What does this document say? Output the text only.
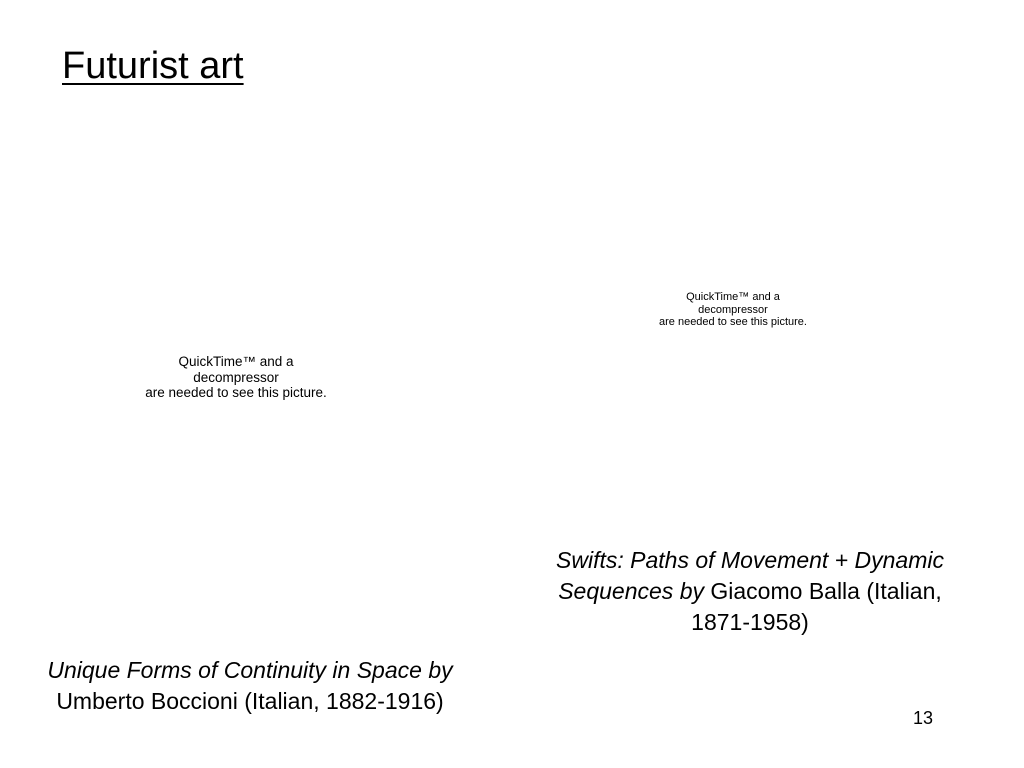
Futurist art
QuickTime™ and a
decompressor
are needed to see this picture.
QuickTime™ and a
decompressor
are needed to see this picture.
Swifts: Paths of Movement + Dynamic Sequences by Giacomo Balla (Italian, 1871-1958)
Unique Forms of Continuity in Space by Umberto Boccioni (Italian, 1882-1916)
13
